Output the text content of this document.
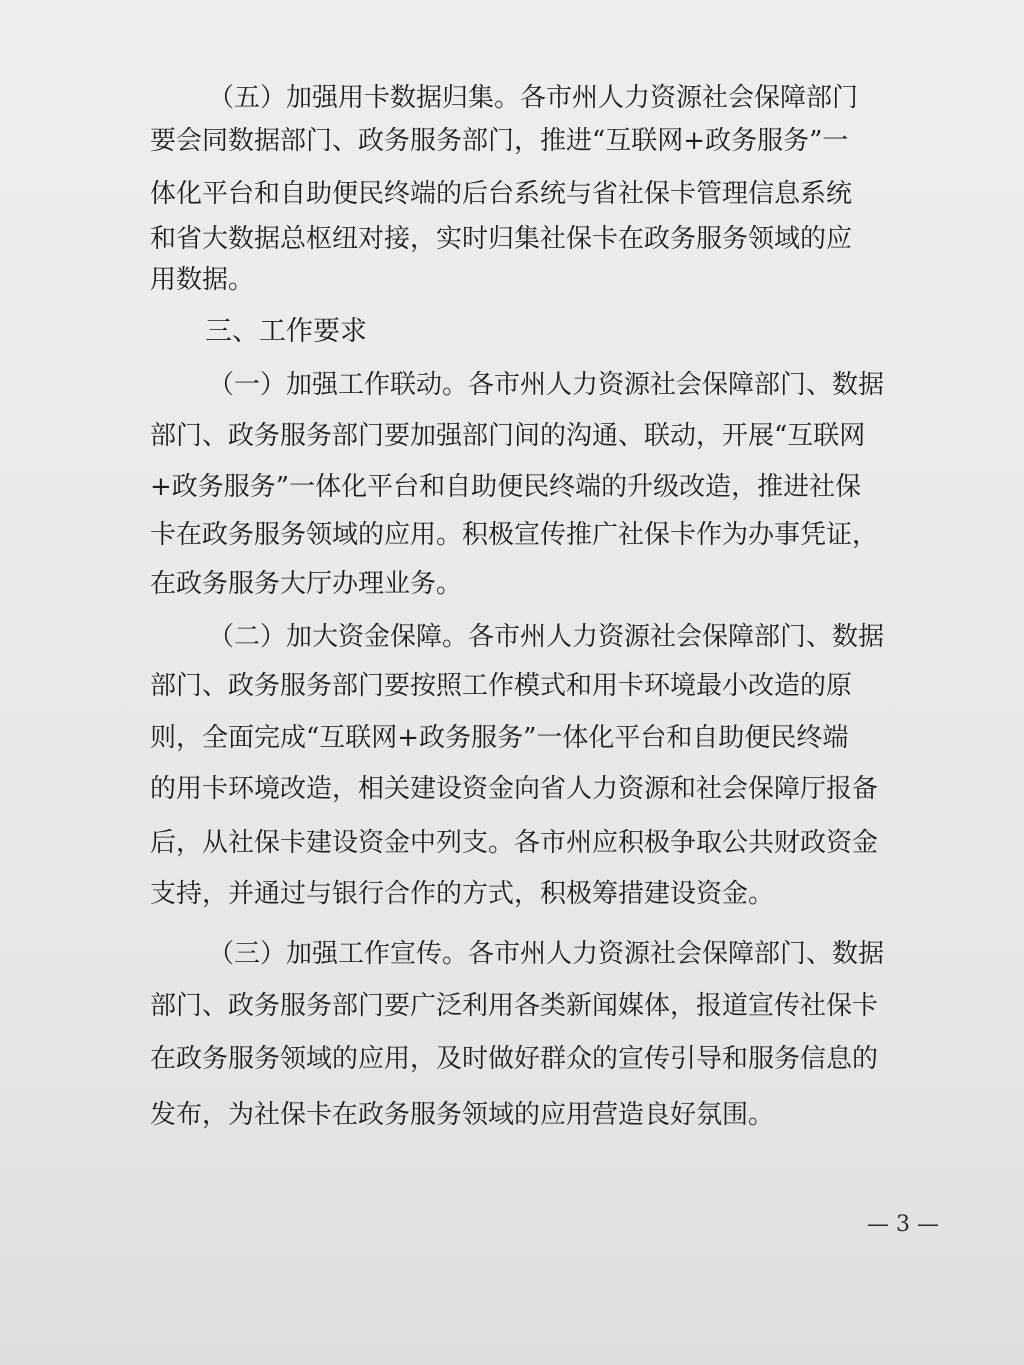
（五）加强用卡数据归集。各市州人力资源社会保障部门

要会同数据部门、政务服务部门，推进“互联网+政务服务”一

体化平台和自助便民终端的后台系统与省社保卡管理信息系统

和省大数据总枢纽对接，实时归集社保卡在政务服务领域的应

用数据。

三、工作要求

（一）加强工作联动。各市州人力资源社会保障部门、数据

部门、政务服务部门要加强部门间的沟通、联动，开展“互联网

+政务服务”一体化平台和自助便民终端的升级改造，推进社保

卡在政务服务领域的应用。积极宣传推广社保卡作为办事凭证，

在政务服务大厅办理业务。

（二）加大资金保障。各市州人力资源社会保障部门、数据

部门、政务服务部门要按照工作模式和用卡环境最小改造的原

则，全面完成“互联网+政务服务”一体化平台和自助便民终端

的用卡环境改造，相关建设资金向省人力资源和社会保障厅报备

后，从社保卡建设资金中列支。各市州应积极争取公共财政资金

支持，并通过与银行合作的方式，积极筹措建设资金。

（三）加强工作宣传。各市州人力资源社会保障部门、数据

部门、政务服务部门要广泛利用各类新闻媒体，报道宣传社保卡

在政务服务领域的应用，及时做好群众的宣传引导和服务信息的

发布，为社保卡在政务服务领域的应用营造良好氛围。

— 3 —
